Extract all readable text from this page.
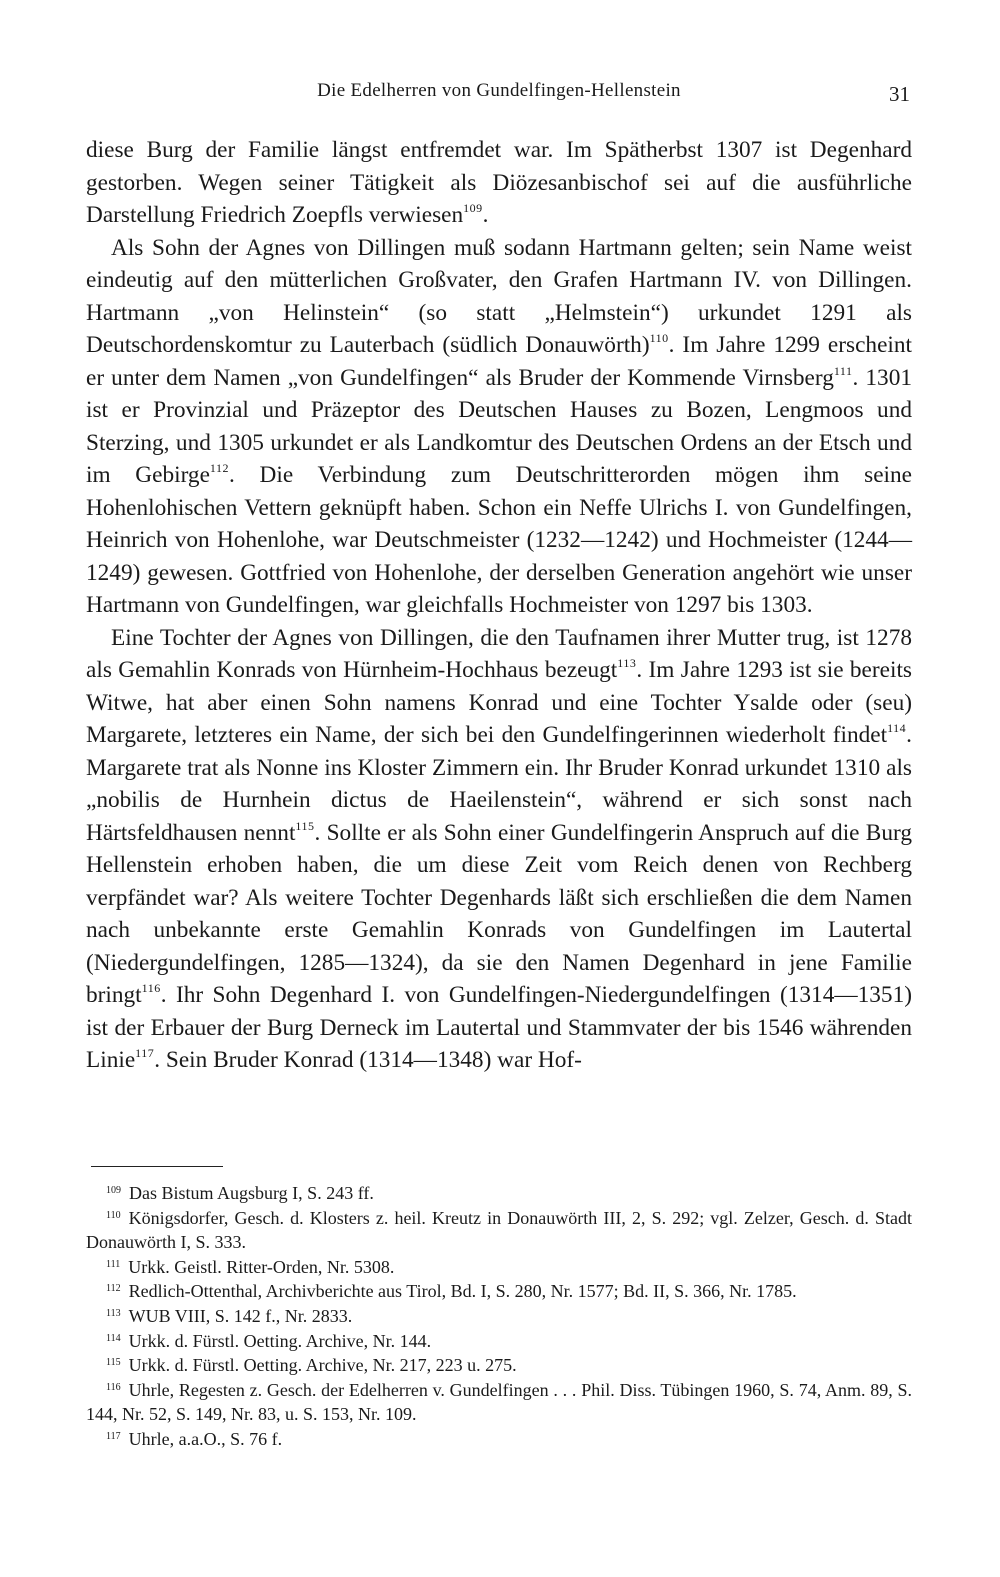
Die Edelherren von Gundelfingen-Hellenstein	31

diese Burg der Familie längst entfremdet war. Im Spätherbst 1307 ist Degenhard gestorben. Wegen seiner Tätigkeit als Diözesanbischof sei auf die ausführliche Darstellung Friedrich Zoepfls verwiesen$^{109}$.

Als Sohn der Agnes von Dillingen muß sodann Hartmann gelten; sein Name weist eindeutig auf den mütterlichen Großvater, den Grafen Hartmann IV. von Dillingen. Hartmann „von Helinstein“ (so statt „Helmstein“) urkundet 1291 als Deutschordenskomtur zu Lauterbach (südlich Donauwörth)$^{110}$. Im Jahre 1299 erscheint er unter dem Namen „von Gundelfingen“ als Bruder der Kommende Virnsberg$^{111}$. 1301 ist er Provinzial und Präzeptor des Deutschen Hauses zu Bozen, Lengmoos und Sterzing, und 1305 urkundet er als Landkomtur des Deutschen Ordens an der Etsch und im Gebirge$^{112}$. Die Verbindung zum Deutschritterorden mögen ihm seine Hohenlohischen Vettern geknüpft haben. Schon ein Neffe Ulrichs I. von Gundelfingen, Heinrich von Hohenlohe, war Deutschmeister (1232—1242) und Hochmeister (1244—1249) gewesen. Gottfried von Hohenlohe, der derselben Generation angehört wie unser Hartmann von Gundelfingen, war gleichfalls Hochmeister von 1297 bis 1303.

Eine Tochter der Agnes von Dillingen, die den Taufnamen ihrer Mutter trug, ist 1278 als Gemahlin Konrads von Hürnheim-Hochhaus bezeugt$^{113}$. Im Jahre 1293 ist sie bereits Witwe, hat aber einen Sohn namens Konrad und eine Tochter Ysalde oder (seu) Margarete, letzteres ein Name, der sich bei den Gundelfingerinnen wiederholt findet$^{114}$. Margarete trat als Nonne ins Kloster Zimmern ein. Ihr Bruder Konrad urkundet 1310 als „nobilis de Hurnhein dictus de Haeilenstein“, während er sich sonst nach Härtsfeldhausen nennt$^{115}$. Sollte er als Sohn einer Gundelfingerin Anspruch auf die Burg Hellenstein erhoben haben, die um diese Zeit vom Reich denen von Rechberg verpfändet war? Als weitere Tochter Degenhards läßt sich erschließen die dem Namen nach unbekannte erste Gemahlin Konrads von Gundelfingen im Lautertal (Niedergundelfingen, 1285—1324), da sie den Namen Degenhard in jene Familie bringt$^{116}$. Ihr Sohn Degenhard I. von Gundelfingen-Niedergundelfingen (1314—1351) ist der Erbauer der Burg Derneck im Lautertal und Stammvater der bis 1546 währenden Linie$^{117}$. Sein Bruder Konrad (1314—1348) war Hof-

$^{109}$ Das Bistum Augsburg I, S. 243 ff.

$^{110}$ Königsdorfer, Gesch. d. Klosters z. heil. Kreutz in Donauwörth III, 2, S. 292; vgl. Zelzer, Gesch. d. Stadt Donauwörth I, S. 333.

$^{111}$ Urkk. Geistl. Ritter-Orden, Nr. 5308.

$^{112}$ Redlich-Ottenthal, Archivberichte aus Tirol, Bd. I, S. 280, Nr. 1577; Bd. II, S. 366, Nr. 1785.

$^{113}$ WUB VIII, S. 142 f., Nr. 2833.

$^{114}$ Urkk. d. Fürstl. Oetting. Archive, Nr. 144.

$^{115}$ Urkk. d. Fürstl. Oetting. Archive, Nr. 217, 223 u. 275.

$^{116}$ Uhrle, Regesten z. Gesch. der Edelherren v. Gundelfingen . . . Phil. Diss. Tübingen 1960, S. 74, Anm. 89, S. 144, Nr. 52, S. 149, Nr. 83, u. S. 153, Nr. 109.

$^{117}$ Uhrle, a.a.O., S. 76 f.
